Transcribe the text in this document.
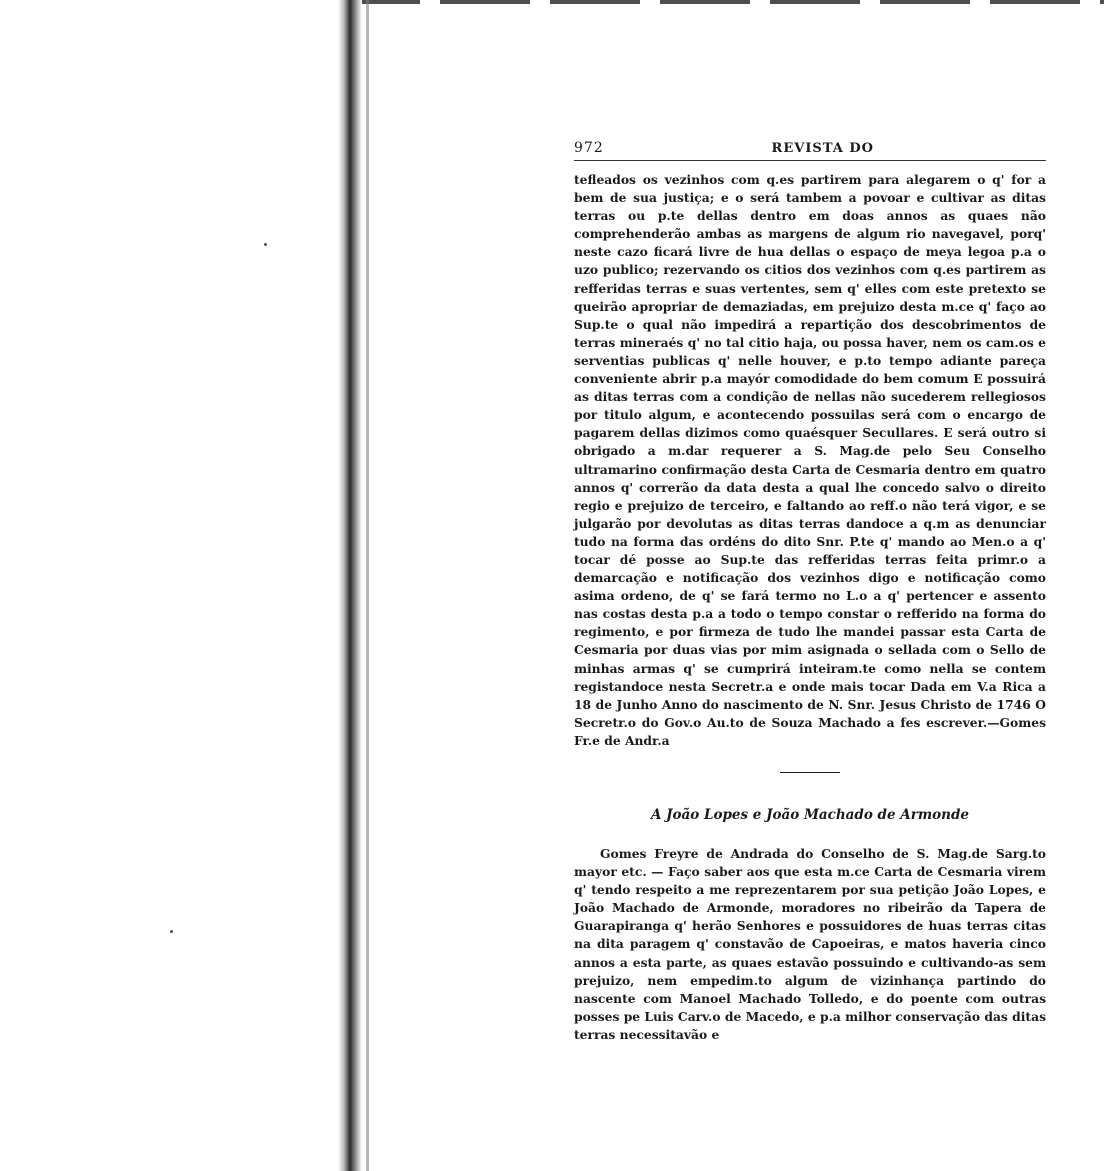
972	REVISTA DO

tefleados os vezinhos com q.es partirem para alegarem o q' for a bem de sua justiça; e o será tambem a povoar e cultivar as ditas terras ou p.te dellas dentro em doas annos as quaes não comprehenderão ambas as margens de algum rio navegavel, porq' neste cazo ficará livre de hua dellas o espaço de meya legoa p.a o uzo publico; rezervando os citios dos vezinhos com q.es partirem as refferidas terras e suas vertentes, sem q' elles com este pretexto se queirão apropriar de demaziadas, em prejuizo desta m.ce q' faço ao Sup.te o qual não impedirá a repartição dos descobrimentos de terras mineraés q' no tal citio haja, ou possa haver, nem os cam.os e serventias publicas q' nelle houver, e p.to tempo adiante pareça conveniente abrir p.a mayór comodidade do bem comum E possuirá as ditas terras com a condição de nellas não sucederem rellegiosos por titulo algum, e acontecendo possuilas será com o encargo de pagarem dellas dizimos como quaésquer Secullares. E será outro si obrigado a m.dar requerer a S. Mag.de pelo Seu Conselho ultramarino confirmação desta Carta de Cesmaria dentro em quatro annos q' correrão da data desta a qual lhe concedo salvo o direito regio e prejuizo de terceiro, e faltando ao reff.o não terá vigor, e se julgarão por devolutas as ditas terras dandoce a q.m as denunciar tudo na forma das ordéns do dito Snr. P.te q' mando ao Men.o a q' tocar dé posse ao Sup.te das refferidas terras feita primr.o a demarcação e notificação dos vezinhos digo e notificação como asima ordeno, de q' se fará termo no L.o a q' pertencer e assento nas costas desta p.a a todo o tempo constar o refferido na forma do regimento, e por firmeza de tudo lhe mandei passar esta Carta de Cesmaria por duas vias por mim asignada o sellada com o Sello de minhas armas q' se cumprirá inteiram.te como nella se contem registandoce nesta Secretr.a e onde mais tocar Dada em V.a Rica a 18 de Junho Anno do nascimento de N. Snr. Jesus Christo de 1746 O Secretr.o do Gov.o Au.to de Souza Machado a fes escrever.—Gomes Fr.e de Andr.a

A João Lopes e João Machado de Armonde

Gomes Freyre de Andrada do Conselho de S. Mag.de Sarg.to mayor etc. — Faço saber aos que esta m.ce Carta de Cesmaria virem q' tendo respeito a me reprezentarem por sua petição João Lopes, e João Machado de Armonde, moradores no ribeirão da Tapera de Guarapiranga q' herão Senhores e possuidores de huas terras citas na dita paragem q' constavão de Capoeiras, e matos haveria cinco annos a esta parte, as quaes estavão possuindo e cultivando-as sem prejuizo, nem empedim.to algum de vizinhança partindo do nascente com Manoel Machado Tolledo, e do poente com outras posses pe Luis Carv.o de Macedo, e p.a milhor conservação das ditas terras necessitavão e
